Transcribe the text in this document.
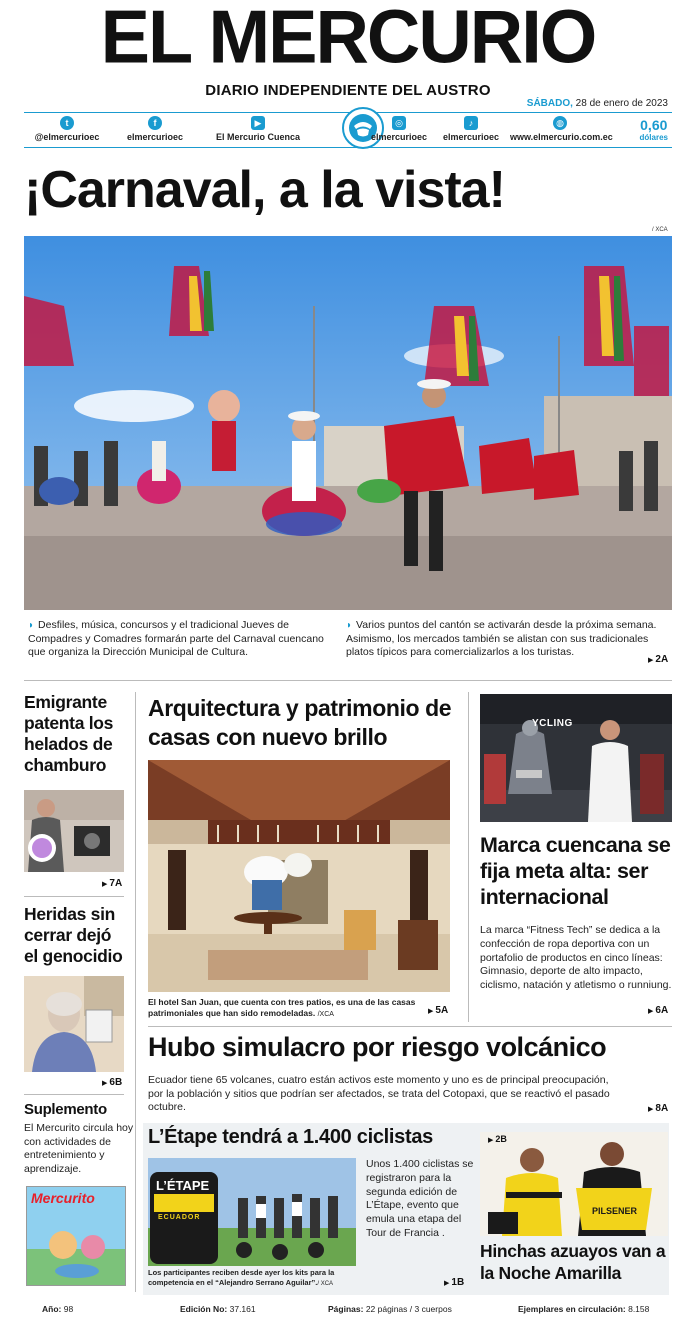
EL MERCURIO
DIARIO INDEPENDIENTE DEL AUSTRO
SÁBADO, 28 de enero de 2023
t
@elmercurioec
f
elmercurioec
▶
El Mercurio Cuenca
◎
elmercurioec
♪
elmercurioec
◍
www.elmercurio.com.ec
0,60
dólares
¡Carnaval, a la vista!
/ XCA
◗ Desfiles, música, concursos y el tradicional Jueves de Compadres y Comadres formarán parte del Carnaval cuencano que organiza la Dirección Municipal de Cultura.
◗ Varios puntos del cantón se activarán desde la próxima semana. Asimismo, los mercados también se alistan con sus tradicionales platos típicos para comercializarlos a los turistas.
▶ 2A
Emigrante patenta los helados de chamburo
▶ 7A
Heridas sin cerrar dejó el genocidio
▶ 6B
Suplemento
El Mercurito circula hoy con actividades de entretenimiento y aprendizaje.
Mercurito
Arquitectura y patrimonio de casas con nuevo brillo
El hotel San Juan, que cuenta con tres patios, es una de las casas patrimoniales que han sido remodeladas. /XCA	▶ 5A
YCLING
Marca cuencana se fija meta alta: ser internacional
La marca “Fitness Tech” se dedica a la confección de ropa deportiva con un portafolio de productos en cinco líneas: Gimnasio, deporte de alto impacto, ciclismo, natación y atletismo o runniung.
▶ 6A
Hubo simulacro por riesgo volcánico
Ecuador tiene 65 volcanes, cuatro están activos este momento y uno es de principal preocupación, por la población y sitios que podrían ser afectados, se trata del Cotopaxi, que se reactivó el pasado octubre.	▶ 8A
L’Étape tendrá a 1.400 ciclistas
L’ÉTAPE
ECUADOR
Los participantes reciben desde ayer los kits para la competencia en el “Alejandro Serrano Aguilar”./ XCA
Unos 1.400 ciclistas se registraron para la segunda edición de L’Étape, evento que emula una etapa del Tour de Francia .
▶ 1B
▶ 2B
PILSENER
Hinchas azuayos van a la Noche Amarilla
Año: 98	Edición No: 37.161	Páginas: 22 páginas / 3 cuerpos	Ejemplares en circulación: 8.158
